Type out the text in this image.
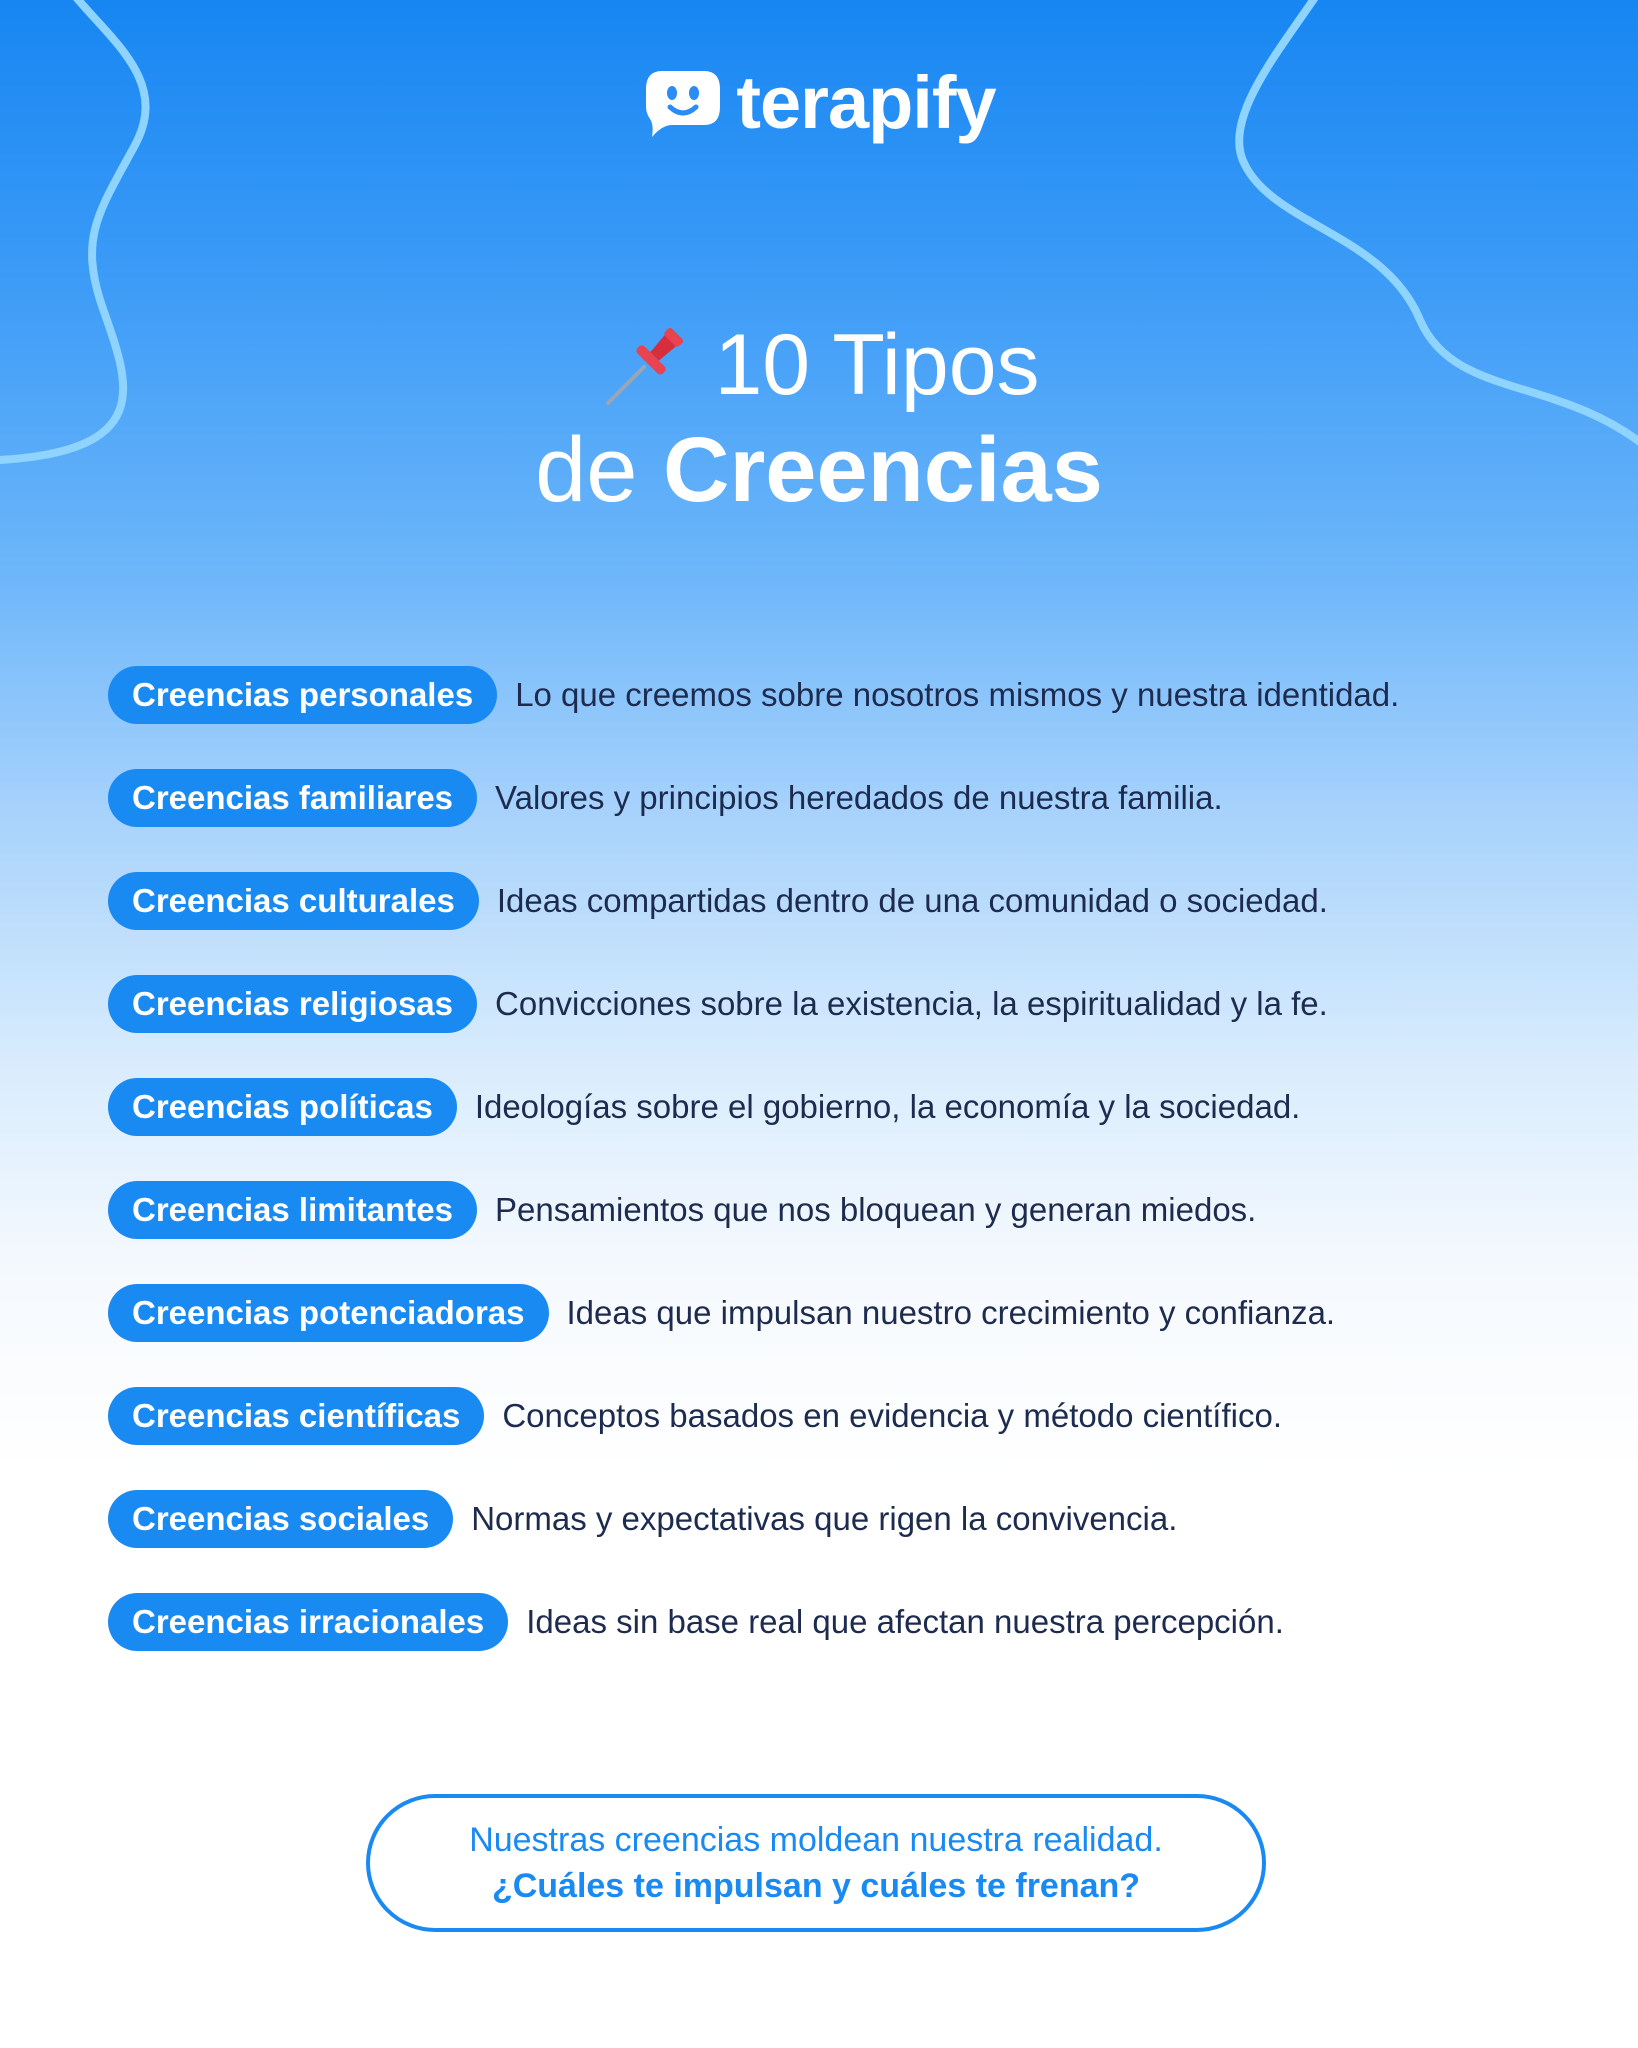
terapify
10 Tipos
de Creencias
Creencias personales	Lo que creemos sobre nosotros mismos y nuestra identidad.
Creencias familiares	Valores y principios heredados de nuestra familia.
Creencias culturales	Ideas compartidas dentro de una comunidad o sociedad.
Creencias religiosas	Convicciones sobre la existencia, la espiritualidad y la fe.
Creencias políticas	Ideologías sobre el gobierno, la economía y la sociedad.
Creencias limitantes	Pensamientos que nos bloquean y generan miedos.
Creencias potenciadoras	Ideas que impulsan nuestro crecimiento y confianza.
Creencias científicas	Conceptos basados en evidencia y método científico.
Creencias sociales	Normas y expectativas que rigen la convivencia.
Creencias irracionales	Ideas sin base real que afectan nuestra percepción.
Nuestras creencias moldean nuestra realidad.
¿Cuáles te impulsan y cuáles te frenan?
